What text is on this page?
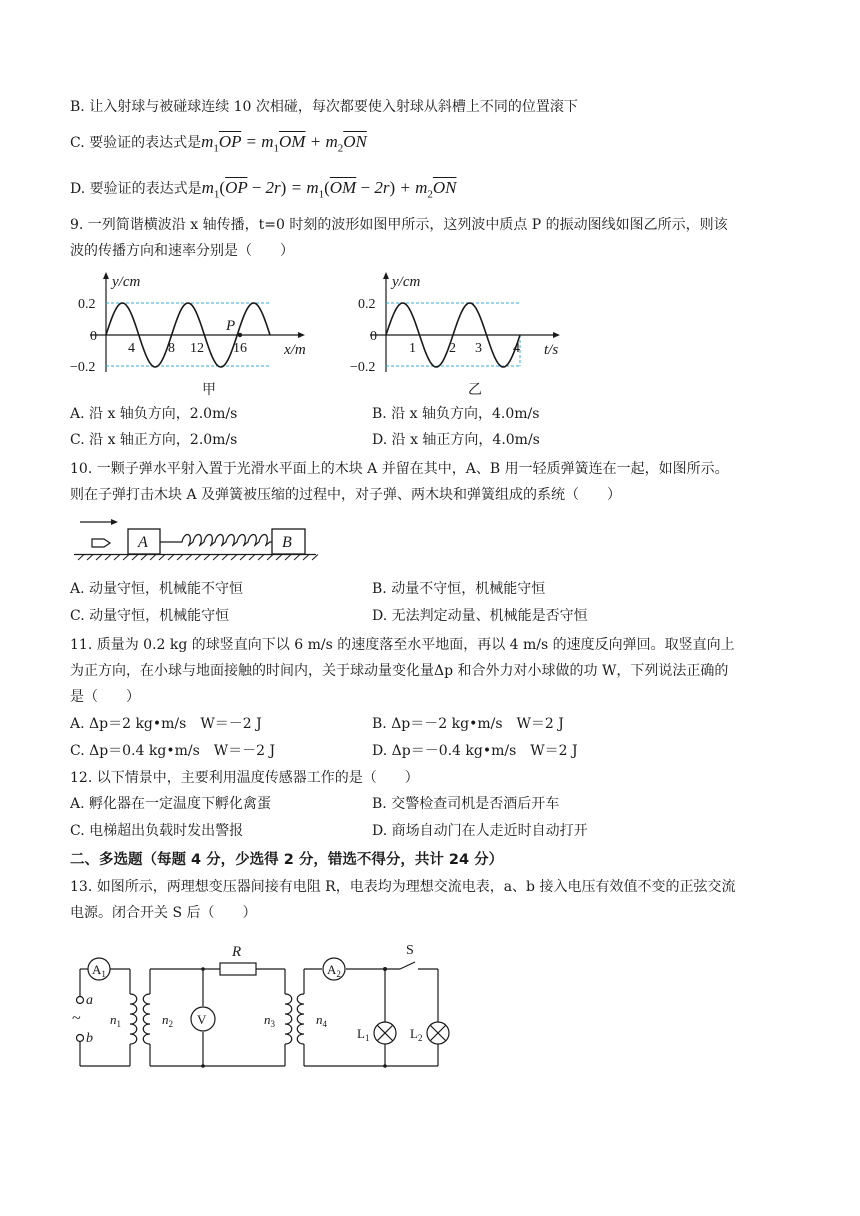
B. 让入射球与被碰球连续 10 次相碰，每次都要使入射球从斜槽上不同的位置滚下
C. 要验证的表达式是$m_1\overline{OP} = m_1\overline{OM} + m_2\overline{ON}$
D. 要验证的表达式是$m_1(\overline{OP} - 2r) = m_1(\overline{OM} - 2r) + m_2\overline{ON}$
9. 一列简谐横波沿 x 轴传播，t=0 时刻的波形如图甲所示，这列波中质点 P 的振动图线如图乙所示，则该
波的传播方向和速率分别是（　　）
y/cm
0.2
0
−0.2
4 8 12 16
P
x/m
甲
y/cm
0.2
0
−0.2
1 2 3 4 t/s
乙
A. 沿 x 轴负方向，2.0m/s	B. 沿 x 轴负方向，4.0m/s
C. 沿 x 轴正方向，2.0m/s	D. 沿 x 轴正方向，4.0m/s
10. 一颗子弹水平射入置于光滑水平面上的木块 A 并留在其中，A、B 用一轻质弹簧连在一起，如图所示。
则在子弹打击木块 A 及弹簧被压缩的过程中，对子弹、两木块和弹簧组成的系统（　　）
A	B
A. 动量守恒，机械能不守恒	B. 动量不守恒，机械能守恒
C. 动量守恒，机械能守恒	D. 无法判定动量、机械能是否守恒
11. 质量为 0.2 kg 的球竖直向下以 6 m/s 的速度落至水平地面，再以 4 m/s 的速度反向弹回。取竖直向上
为正方向，在小球与地面接触的时间内，关于球动量变化量Δp 和合外力对小球做的功 W，下列说法正确的
是（　　）
A. Δp＝2 kg•m/s　W＝－2 J	B. Δp＝－2 kg•m/s　W＝2 J
C. Δp＝0.4 kg•m/s　W＝－2 J	D. Δp＝－0.4 kg•m/s　W＝2 J
12. 以下情景中，主要利用温度传感器工作的是（　　）
A. 孵化器在一定温度下孵化禽蛋	B. 交警检查司机是否酒后开车
C. 电梯超出负载时发出警报	D. 商场自动门在人走近时自动打开
二、多选题（每题 4 分，少选得 2 分，错选不得分，共计 24 分）
13. 如图所示，两理想变压器间接有电阻 R，电表均为理想交流电表，a、b 接入电压有效值不变的正弦交流
电源。闭合开关 S 后（　　）
$A_1$
a
b
~ $n_1$	$n_2$	$n_3$	$n_4$
R
V
$A_2$
S
$L_1$	$L_2$
